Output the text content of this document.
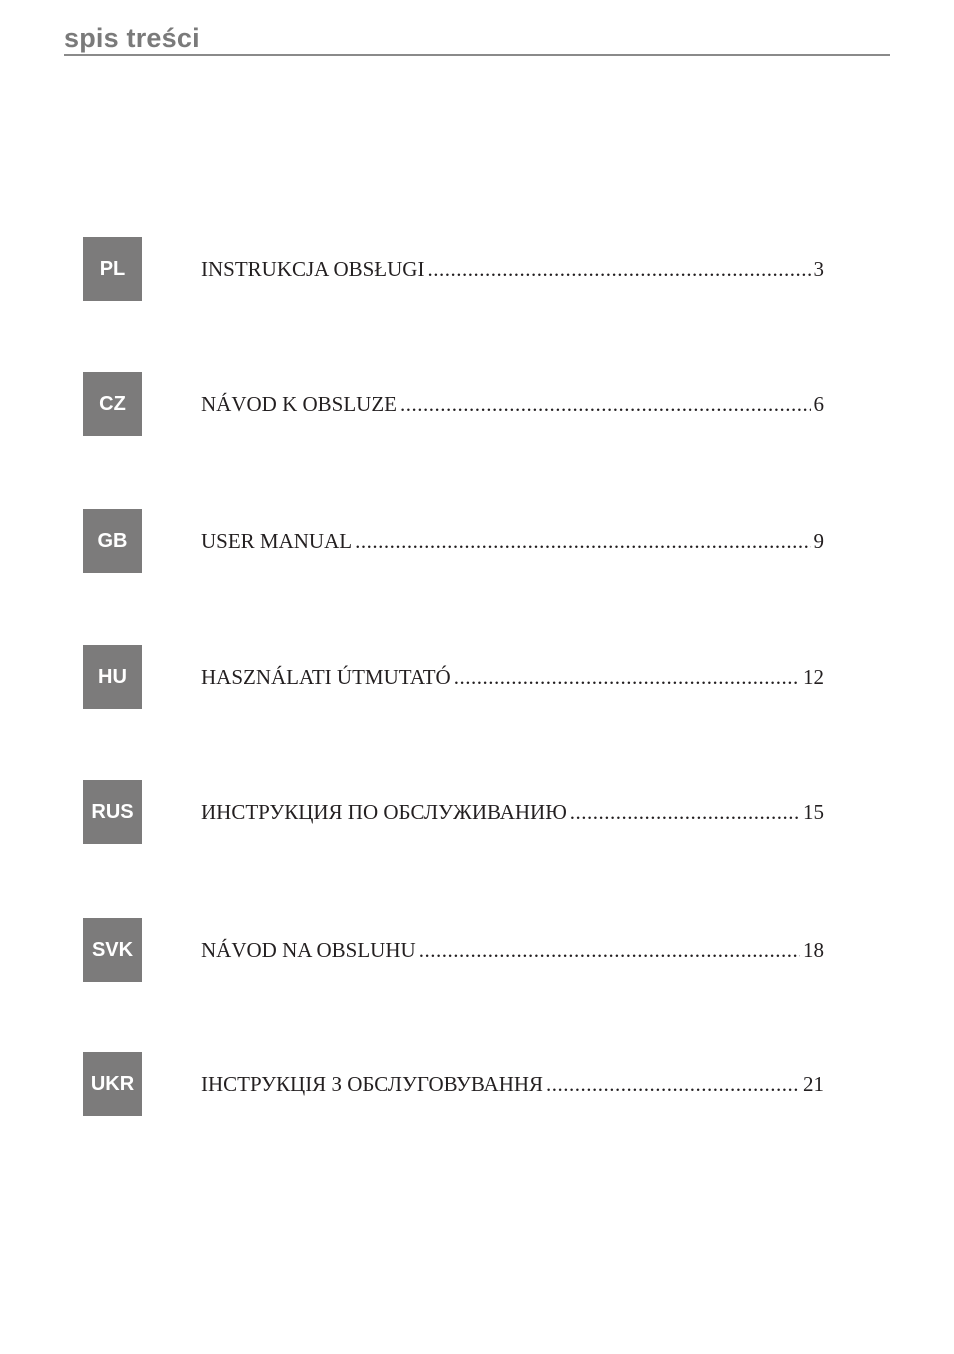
spis treści
PL	INSTRUKCJA OBSŁUGI .....	3
CZ	NÁVOD K OBSLUZE .....	6
GB	USER MANUAL .....	9
HU	HASZNÁLATI ÚTMUTATÓ .....	12
RUS	ИНСТРУКЦИЯ ПО ОБСЛУЖИВАНИЮ .....	15
SVK	NÁVOD NA OBSLUHU .....	18
UKR	ІНСТРУКЦІЯ З ОБСЛУГОВУВАННЯ .....	21
